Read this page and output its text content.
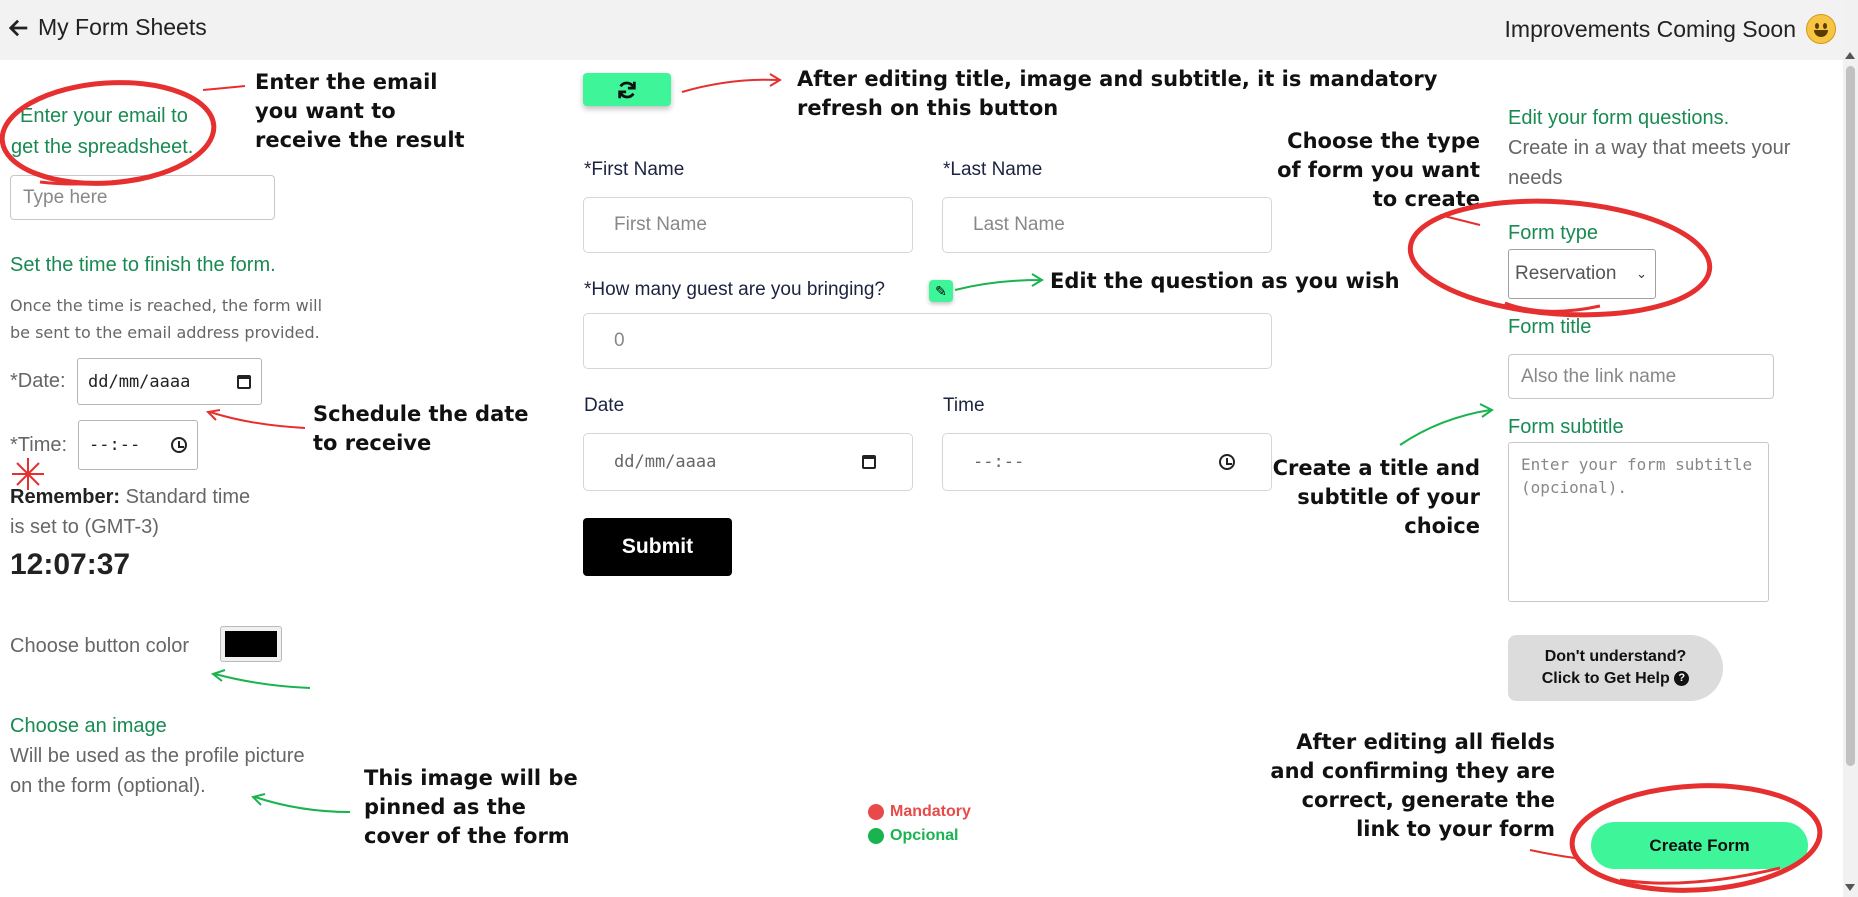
My Form Sheets	Improvements Coming Soon
Enter your email to
get the spreadsheet.
Type here
Set the time to finish the form.
Once the time is reached, the form will
be sent to the email address provided.
*Date: dd/mm/aaaa
*Time: --:--
Remember: Standard time
is set to (GMT-3)
12:07:37
Choose button color
Choose an image
Will be used as the profile picture
on the form (optional).
*First Name
First Name
*Last Name
Last Name
*How many guest are you bringing?	✎
0
Date
dd/mm/aaaa
Time
--:--
Submit
Mandatory
Opcional
Edit your form questions.
Create in a way that meets your
needs
Form type
Reservation ⌄
Form title
Also the link name
Form subtitle
Enter your form subtitle (opcional).
Don't understand?
Click to Get Help ?
Create Form
Enter the email
you want to
receive the result
After editing title, image and subtitle, it is mandatory
refresh on this button
Choose the type
of form you want
to create
Edit the question as you wish
Schedule the date
to receive
Create a title and
subtitle of your
choice
This image will be
pinned as the
cover of the form
After editing all fields
and confirming they are
correct, generate the
link to your form
